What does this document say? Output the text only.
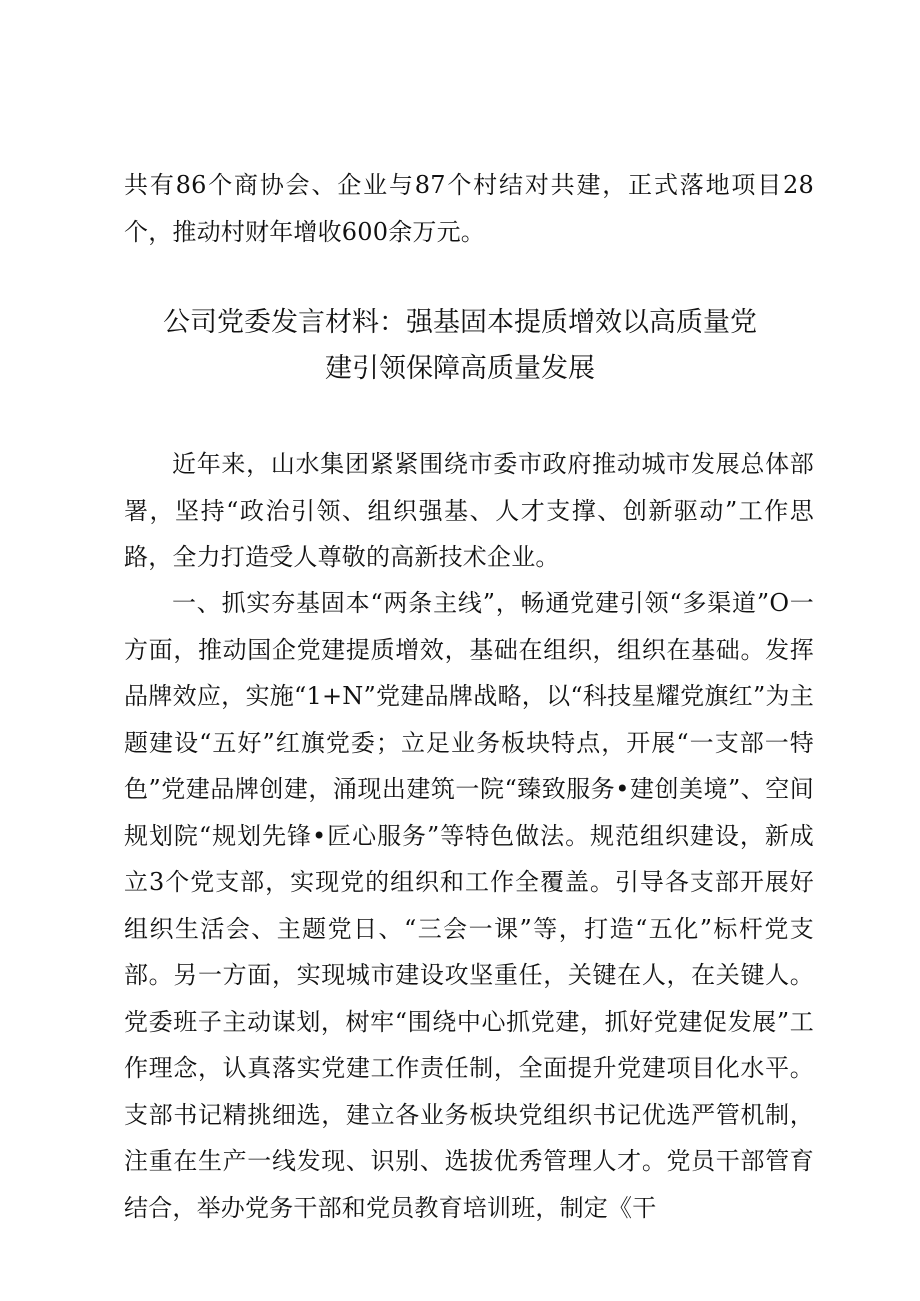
共有86个商协会、企业与87个村结对共建，正式落地项目28个，推动村财年增收600余万元。

公司党委发言材料：强基固本提质增效以高质量党
建引领保障高质量发展

近年来，山水集团紧紧围绕市委市政府推动城市发展总体部署，坚持“政治引领、组织强基、人才支撑、创新驱动”工作思路，全力打造受人尊敬的高新技术企业。

一、抓实夯基固本“两条主线”，畅通党建引领“多渠道”O一方面，推动国企党建提质增效，基础在组织，组织在基础。发挥品牌效应，实施“1+N”党建品牌战略，以“科技星耀党旗红”为主题建设“五好”红旗党委；立足业务板块特点，开展“一支部一特色”党建品牌创建，涌现出建筑一院“臻致服务•建创美境”、空间规划院“规划先锋•匠心服务”等特色做法。规范组织建设，新成立3个党支部，实现党的组织和工作全覆盖。引导各支部开展好组织生活会、主题党日、“三会一课”等，打造“五化”标杆党支部。另一方面，实现城市建设攻坚重任，关键在人，在关键人。党委班子主动谋划，树牢“围绕中心抓党建，抓好党建促发展”工作理念，认真落实党建工作责任制，全面提升党建项目化水平。支部书记精挑细选，建立各业务板块党组织书记优选严管机制，注重在生产一线发现、识别、选拔优秀管理人才。党员干部管育结合，举办党务干部和党员教育培训班，制定《干
